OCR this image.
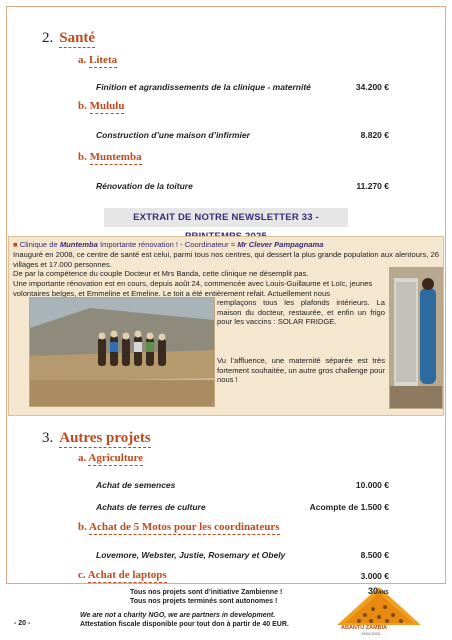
2. Santé
a. Liteta
Finition et agrandissements de la clinique - maternité	34.200 €
b. Mululu
Construction d’une maison d’infirmier	8.820 €
b. Muntemba
Rénovation de la toiture	11.270 €
EXTRAIT DE NOTRE NEWSLETTER 33 -

■ Clinique de Muntemba Importante rénovation ! - Coordinateur = Mr Clever Pampagnama

Inauguré en 2008, ce centre de santé est celui, parmi tous nos centres, qui dessert la plus grande population aux alentours, 26 villages et 17.000 personnes.

De par la compétence du couple Docteur et Mrs Banda, cette clinique ne désemplit pas.

Une importante rénovation est en cours, depuis août 24, commencée avec Louis-Guillaume et Loïc, jeunes volontaires belges, et Emmeline et Emeline. Le toit a été entièrement refait. Actuellement nous

remplaçons tous les plafonds intérieurs. La maison du docteur, restaurée, et enfin un frigo pour les vaccins : SOLAR FRIDGE.

Vu l’affluence, une maternité séparée est très fortement souhaitée, un autre gros challenge pour nous !

3. Autres projets
a. Agriculture
Achat de semences	10.000 €
Achats de terres de culture	Acompte de 1.500 €
b. Achat de 5 Motos pour les coordinateurs
Lovemore, Webster, Justie, Rosemary et Obely	8.500 €
c. Achat de laptops	3.000 €
Tous nos projets sont d’initiative Zambienne !
Tous nos projets terminés sont autonomes !
We are not a charity NGO, we are partners in development.
Attestation fiscale disponible pour tout don à partir de 40 EUR.
- 20 -
30ANS
ABANTU ZAMBIA
1994-2024
